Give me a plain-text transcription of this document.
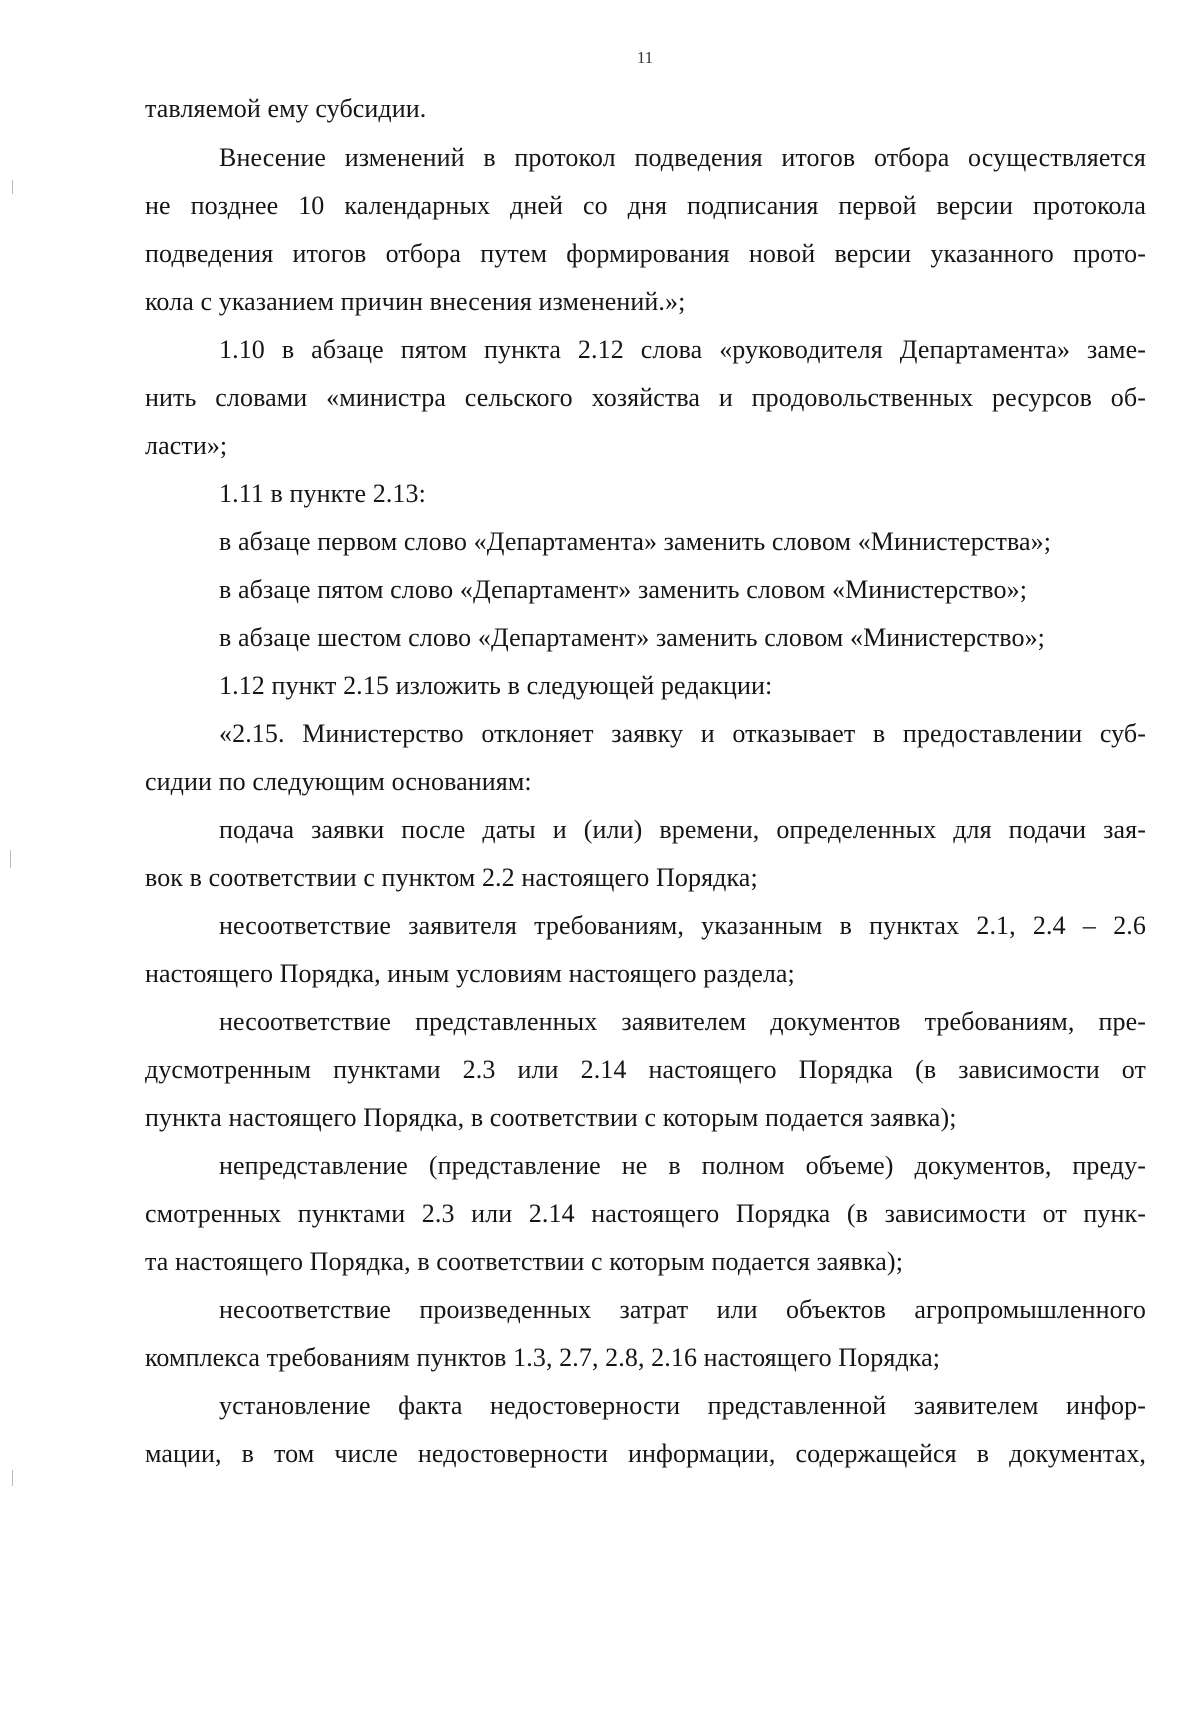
11
тавляемой ему субсидии.
Внесение изменений в протокол подведения итогов отбора осуществляется
не позднее 10 календарных дней со дня подписания первой версии протокола
подведения итогов отбора путем формирования новой версии указанного прото-
кола с указанием причин внесения изменений.»;
1.10 в абзаце пятом пункта 2.12 слова «руководителя Департамента» заме-
нить словами «министра сельского хозяйства и продовольственных ресурсов об-
ласти»;
1.11 в пункте 2.13:
в абзаце первом слово «Департамента» заменить словом «Министерства»;
в абзаце пятом слово «Департамент» заменить словом «Министерство»;
в абзаце шестом слово «Департамент» заменить словом «Министерство»;
1.12 пункт 2.15 изложить в следующей редакции:
«2.15. Министерство отклоняет заявку и отказывает в предоставлении суб-
сидии по следующим основаниям:
подача заявки после даты и (или) времени, определенных для подачи зая-
вок в соответствии с пунктом 2.2 настоящего Порядка;
несоответствие заявителя требованиям, указанным в пунктах 2.1, 2.4 – 2.6
настоящего Порядка, иным условиям настоящего раздела;
несоответствие представленных заявителем документов требованиям, пре-
дусмотренным пунктами 2.3 или 2.14 настоящего Порядка (в зависимости от
пункта настоящего Порядка, в соответствии с которым подается заявка);
непредставление (представление не в полном объеме) документов, преду-
смотренных пунктами 2.3 или 2.14 настоящего Порядка (в зависимости от пунк-
та настоящего Порядка, в соответствии с которым подается заявка);
несоответствие произведенных затрат или объектов агропромышленного
комплекса требованиям пунктов 1.3, 2.7, 2.8, 2.16 настоящего Порядка;
установление факта недостоверности представленной заявителем инфор-
мации, в том числе недостоверности информации, содержащейся в документах,
